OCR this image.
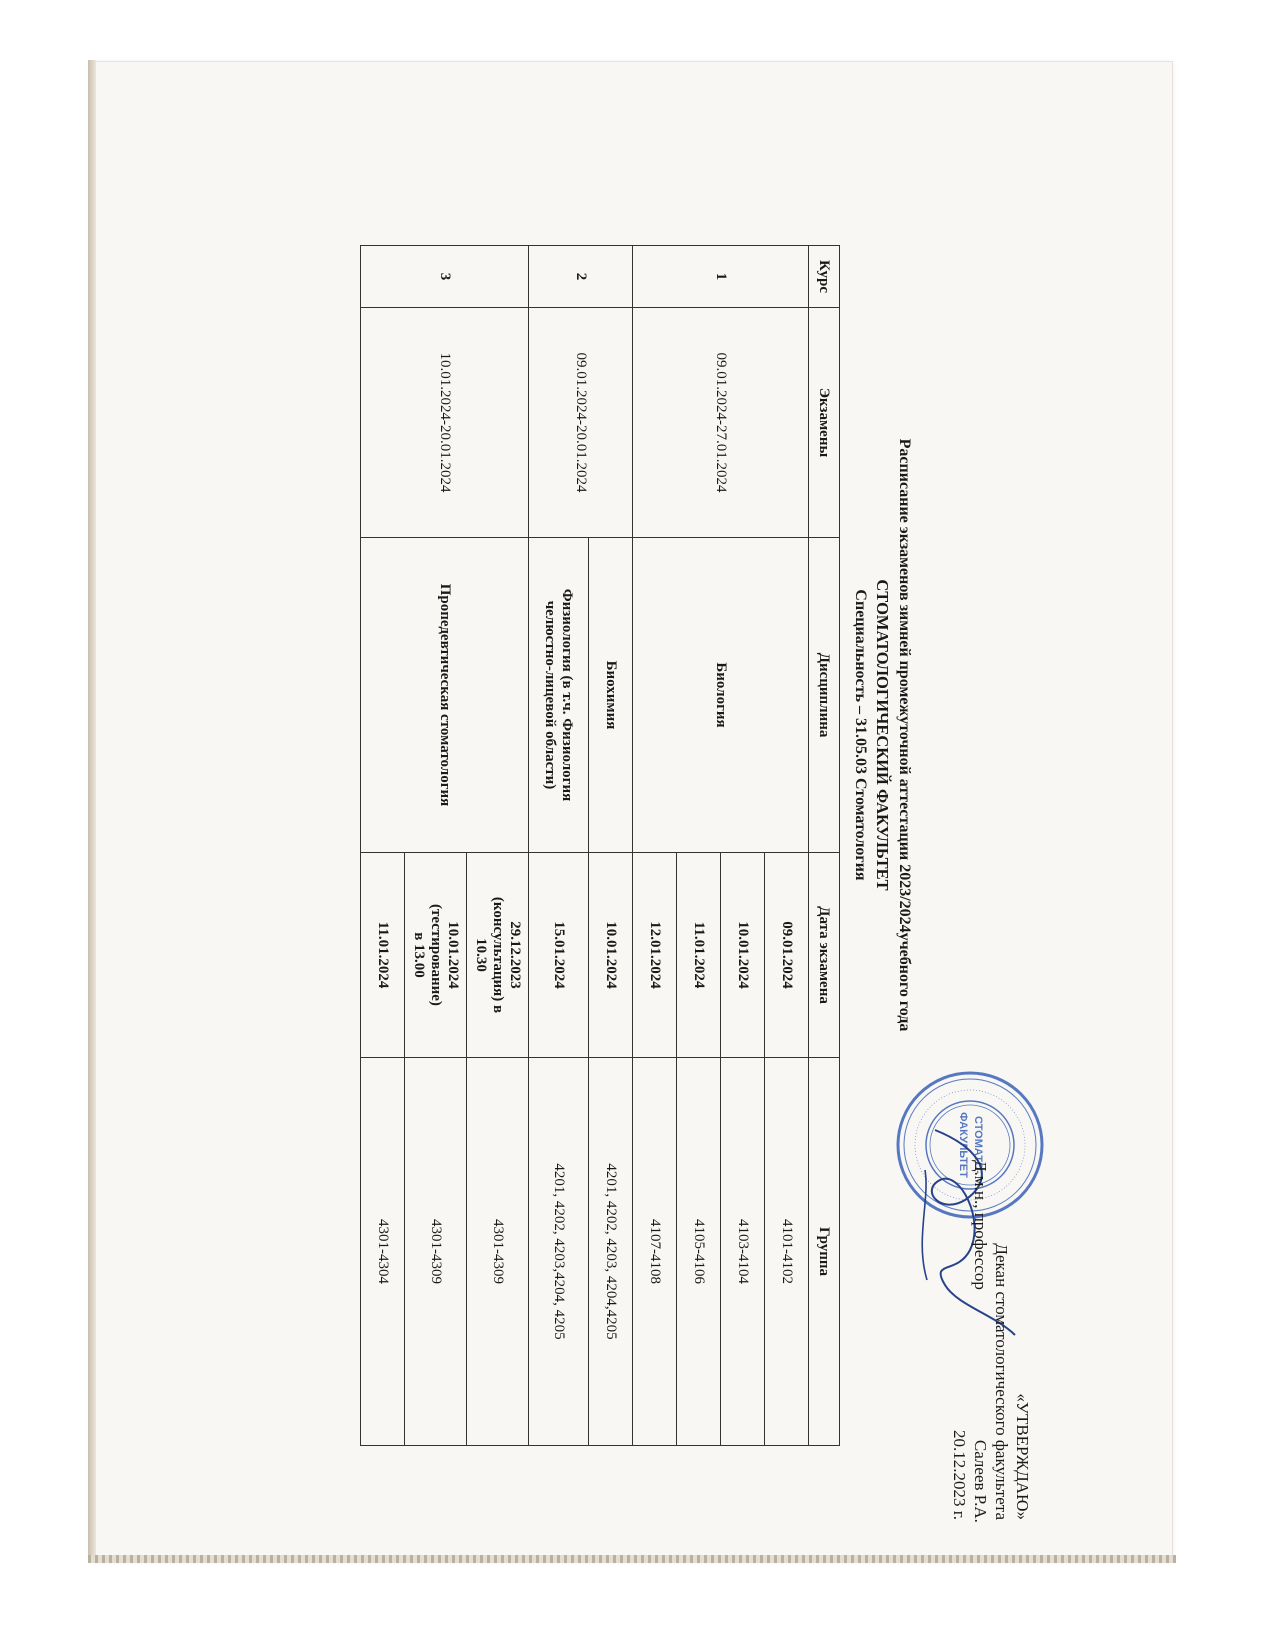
СТОМАТО-
ФАКУЛЬТЕТ
«УТВЕРЖДАЮ»
Декан стоматологического факультета
Д.м.н., профессорСалеев Р.А.
20.12.2023 г.
Расписание экзаменов зимней промежуточной аттестации 2023/2024учебного года
СТОМАТОЛОГИЧЕСКИЙ ФАКУЛЬТЕТ
Специальность – 31.05.03 Стоматология
Курс	Экзамены	Дисциплина	Дата экзамена	Группа
1	09.01.2024-27.01.2024	Биология	09.01.2024	4101-4102
			10.01.2024	4103-4104
			11.01.2024	4105-4106
			12.01.2024	4107-4108
2	09.01.2024-20.01.2024	Биохимия	10.01.2024	4201, 4202, 4203, 4204,4205

		Физиология (в т.ч. Физиология
челюстно-лицевой области)	15.01.2024	4201, 4202, 4203,4204, 4205
3	10.01.2024-20.01.2024	Пропедевтическая стоматология	29.12.2023
(консультация) в
10.30	4301-4309

			10.01.2024
(тестирование)
в 13.00	4301-4309
			11.01.2024	4301-4304
